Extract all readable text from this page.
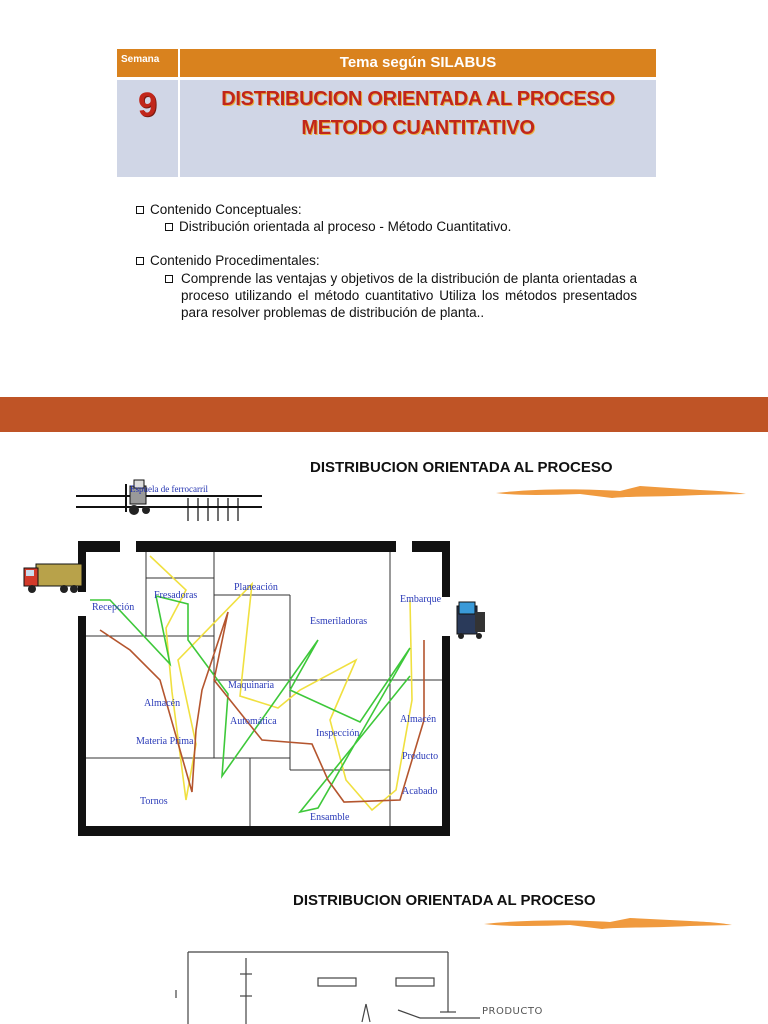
Semana	Tema según SILABUS
9	DISTRIBUCION ORIENTADA AL PROCESO
METODO CUANTITATIVO
Contenido Conceptuales:
Distribución orientada al proceso - Método Cuantitativo.
Contenido Procedimentales:
Comprende las ventajas y objetivos de la distribución de planta orientadas a proceso utilizando el método cuantitativo Utiliza los métodos presentados para resolver problemas de distribución de planta..
DISTRIBUCION ORIENTADA AL PROCESO
Espuela de ferrocarril
Recepción
Fresadoras
Planeación
Esmeriladoras
Embarque
Maquinaria
Automática
Almacén
Materia Prima
Inspección
Almacén
Producto
Acabado
Tornos
Ensamble
DISTRIBUCION ORIENTADA AL PROCESO
PRODUCTO
